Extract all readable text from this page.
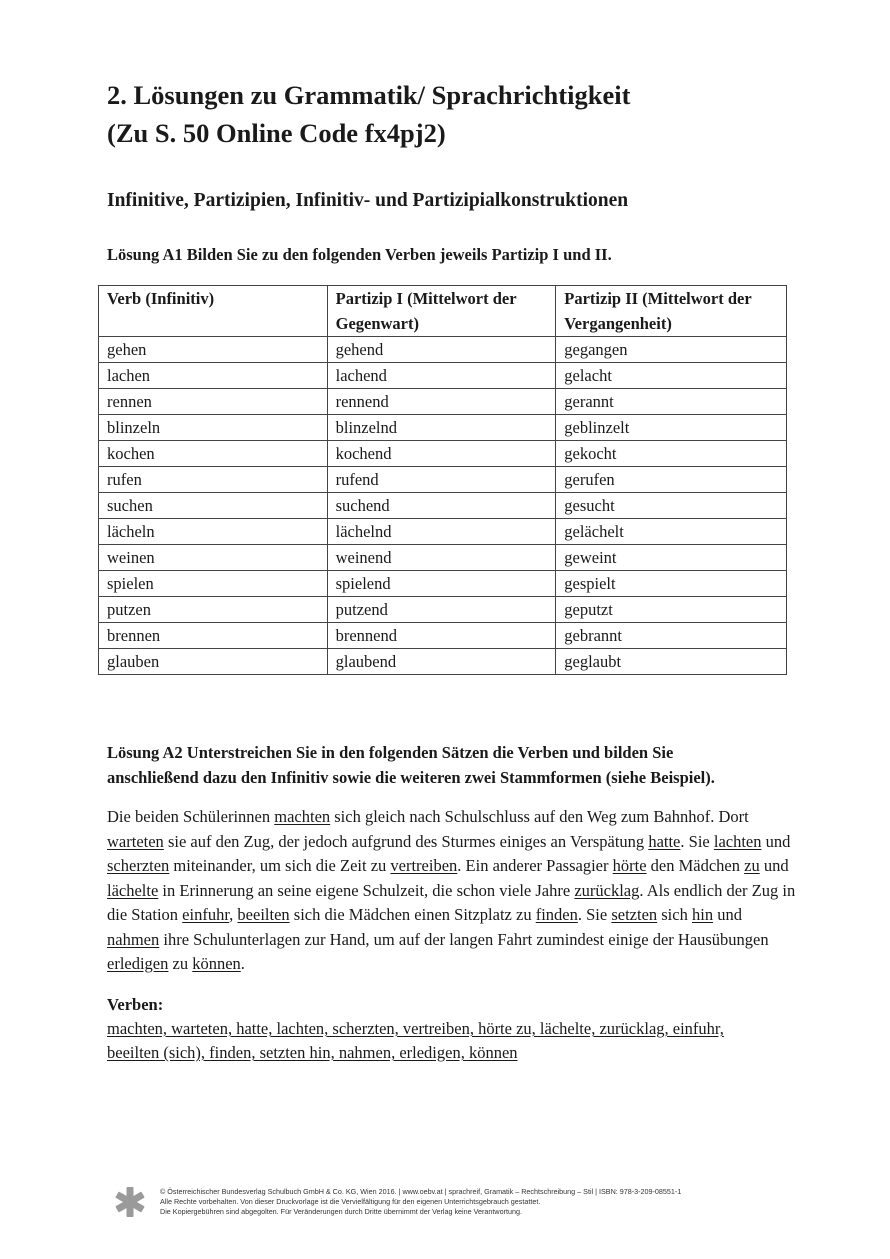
2. Lösungen zu Grammatik/ Sprachrichtigkeit
(Zu S. 50 Online Code fx4pj2)
Infinitive, Partizipien, Infinitiv- und Partizipialkonstruktionen

Lösung A1 Bilden Sie zu den folgenden Verben jeweils Partizip I und II.

Verb (Infinitiv)	Partizip I (Mittelwort der Gegenwart)	Partizip II (Mittelwort der Vergangenheit)
gehen	gehend	gegangen
lachen	lachend	gelacht
rennen	rennend	gerannt
blinzeln	blinzelnd	geblinzelt
kochen	kochend	gekocht
rufen	rufend	gerufen
suchen	suchend	gesucht
lächeln	lächelnd	gelächelt
weinen	weinend	geweint
spielen	spielend	gespielt
putzen	putzend	geputzt
brennen	brennend	gebrannt
glauben	glaubend	geglaubt

Lösung A2 Unterstreichen Sie in den folgenden Sätzen die Verben und bilden Sie
anschließend dazu den Infinitiv sowie die weiteren zwei Stammformen (siehe Beispiel).

Die beiden Schülerinnen machten sich gleich nach Schulschluss auf den Weg zum Bahnhof. Dort warteten sie auf den Zug, der jedoch aufgrund des Sturmes einiges an Verspätung hatte. Sie lachten und scherzten miteinander, um sich die Zeit zu vertreiben. Ein anderer Passagier hörte den Mädchen zu und lächelte in Erinnerung an seine eigene Schulzeit, die schon viele Jahre zurücklag. Als endlich der Zug in die Station einfuhr, beeilten sich die Mädchen einen Sitzplatz zu finden. Sie setzten sich hin und nahmen ihre Schulunterlagen zur Hand, um auf der langen Fahrt zumindest einige der Hausübungen erledigen zu können.

Verben:

machten, warteten, hatte, lachten, scherzten, vertreiben, hörte zu, lächelte, zurücklag, einfuhr,

beeilten (sich), finden, setzten hin, nahmen, erledigen, können

© Österreichischer Bundesverlag Schulbuch GmbH & Co. KG, Wien 2016. | www.oebv.at | sprachreif, Gramatik – Rechtschreibung – Stil | ISBN: 978-3-209-08551-1
Alle Rechte vorbehalten. Von dieser Druckvorlage ist die Vervielfältigung für den eigenen Unterrichtsgebrauch gestattet.
Die Kopiergebühren sind abgegolten. Für Veränderungen durch Dritte übernimmt der Verlag keine Verantwortung.
